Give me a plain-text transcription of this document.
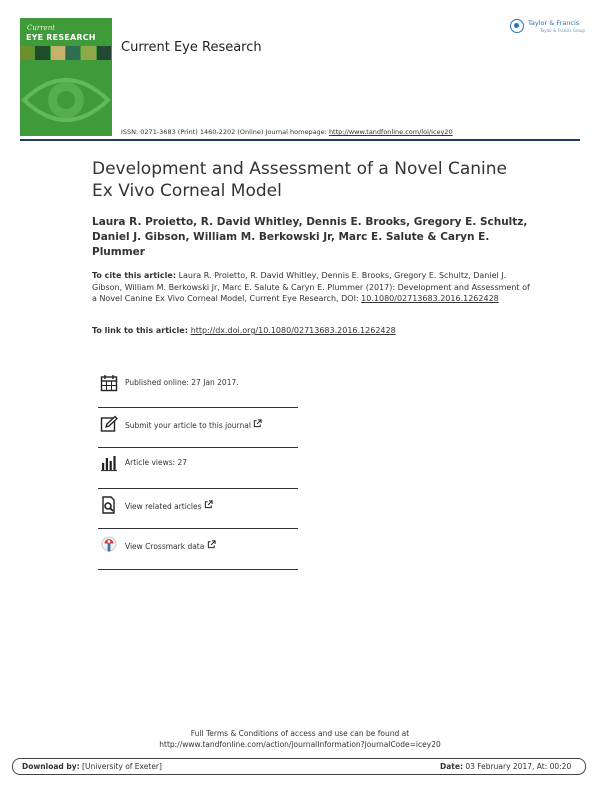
Current
EYE RESEARCH
Current Eye Research
Taylor & Francis
Taylor & Francis Group
ISSN: 0271-3683 (Print) 1460-2202 (Online) Journal homepage: http://www.tandfonline.com/loi/icey20
Development and Assessment of a Novel Canine Ex Vivo Corneal Model
Laura R. Proietto, R. David Whitley, Dennis E. Brooks, Gregory E. Schultz, Daniel J. Gibson, William M. Berkowski Jr, Marc E. Salute & Caryn E. Plummer
To cite this article: Laura R. Proietto, R. David Whitley, Dennis E. Brooks, Gregory E. Schultz, Daniel J. Gibson, William M. Berkowski Jr, Marc E. Salute & Caryn E. Plummer (2017): Development and Assessment of a Novel Canine Ex Vivo Corneal Model, Current Eye Research, DOI: 10.1080/02713683.2016.1262428
To link to this article: http://dx.doi.org/10.1080/02713683.2016.1262428
Published online: 27 Jan 2017.
Submit your article to this journal
Article views: 27
View related articles
View Crossmark data
Full Terms & Conditions of access and use can be found at
http://www.tandfonline.com/action/journalInformation?journalCode=icey20
Download by: [University of Exeter]	Date: 03 February 2017, At: 00:20
